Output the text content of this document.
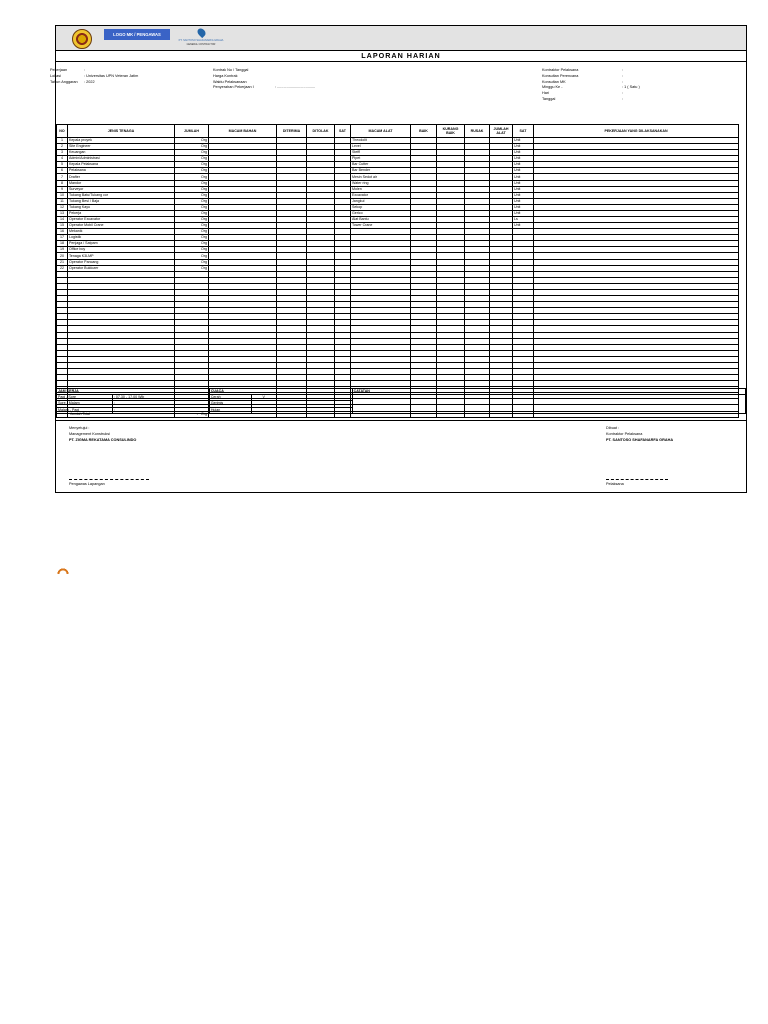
LOGO MK / PENGAWAS
PT. SANTOSO SHAFANARFA GRAHA
GENERAL CONTRACTOR
LAPORAN HARIAN
Pekerjaan	:
Lokasi	: Universitas UPN Veteran Jatim
Tahun Anggaran	: 2022
Kontrak No / Tanggal
Harga Kontrak
Waktu Pelaksanaan
Penyerahan Pekerjaan I	: ....................................
Kontraktor Pelaksana	:
Konsultan Perencana	:
Konsultan MK	:
Minggu Ke -	: 1 ( Satu )
Hari	:
Tanggal	:
NO	JENIS TENAGA	JUMLAH	MACAM BAHAN	DITERIMA	DITOLAK	SAT	MACAM ALAT	BAIK	KURANG BAIK	RUSAK	JUMLAH ALAT	SAT	PEKERJAAN YANG DILAKSANAKAN
1	Kepala proyek	Org					Theodolit					Unit	
2	Site Engineer	Org					Level					Unit	
3	Keuangan	Org					Steffl					Unit	
4	Admin/Administrasi	Org					Pipet					Unit	
5	Kepala Pelaksana	Org					Bar Cutter					Unit	
6	Pelaksana	Org					Bar Bender					Unit	
7	Drafter	Org					Mesin Sedot air					Unit	
8	Mandor	Org					Water ring					Unit	
9	Surveyor	Org					Molen					Unit	
10	Tukang Batu/Tukang cor	Org					Excavator					Unit	
11	Tukang Besi / Baja	Org					Jangkul					Unit	
12	Tukang Kayu	Org					Sekop					Unit	
13	Pekerja	Org					Gerico					Unit	
14	Operator Excavator	Org					Alat Bantu					Ls	
15	Operator Mobil Crane	Org					Tower Crane					Unit	
16	Mekanik	Org											
17	Logistik	Org											
18	Penjaga / Satpam	Org											
19	Office boy	Org											
20	Tenaga K3LMP	Org											
21	Operator Pancang	Org											
22	Operator Buldozer	Org											

	Jumlah Total	- Org											
JAM KERJA		CUACA			CATATAN
Pagi - Sore	: 07.30 - 17.00 Wib	Cerah	V		
Sore - Malam	:	Gerimis			
Malam - Pagi	:	Hujan			
Menyetujui :
Management Konstruksi
PT. ZIGMA REKATAMA CONSULINDO
Pengawas Lapangan
Dibuat :
Kontraktor Pelaksana
PT. SANTOSO SHAFANARFA GRAHA
Pelaksana
